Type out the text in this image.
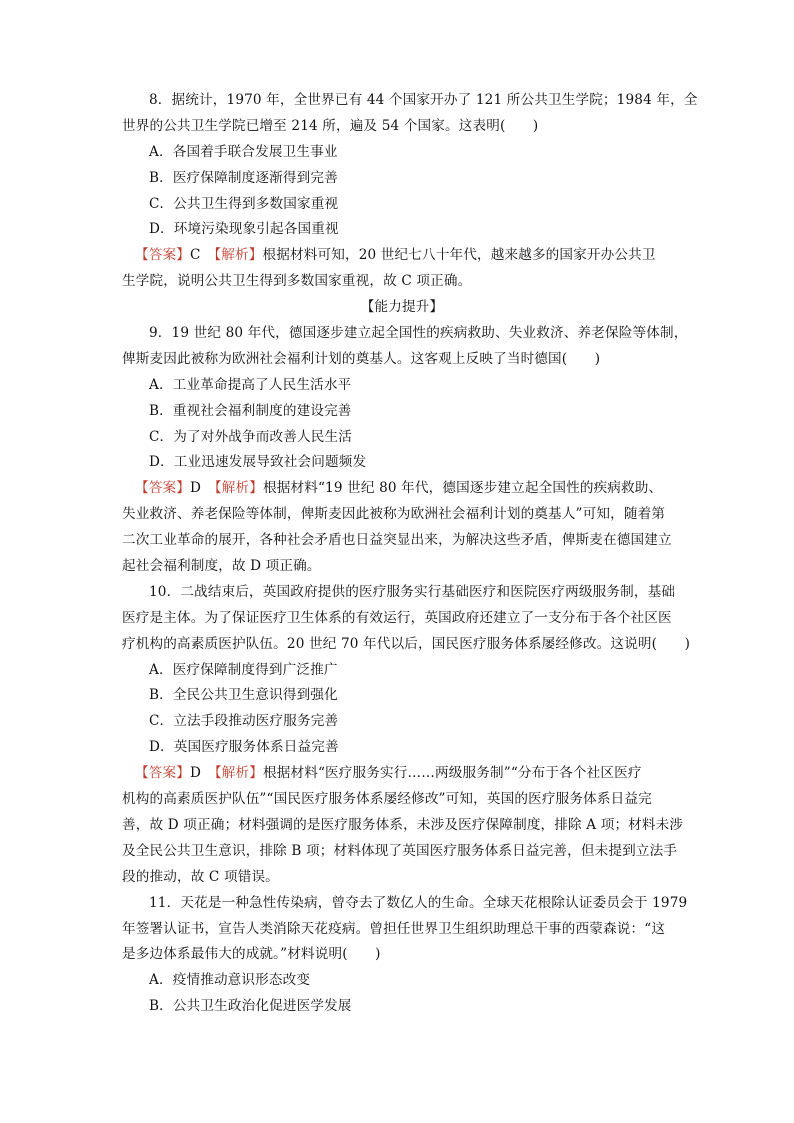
8．据统计，1970 年，全世界已有 44 个国家开办了 121 所公共卫生学院；1984 年，全
世界的公共卫生学院已增至 214 所，遍及 54 个国家。这表明(　　)
A．各国着手联合发展卫生事业
B．医疗保障制度逐渐得到完善
C．公共卫生得到多数国家重视
D．环境污染现象引起各国重视
【答案】C　 【解析】根据材料可知，20 世纪七八十年代，越来越多的国家开办公共卫
生学院，说明公共卫生得到多数国家重视，故 C 项正确。
【能力提升】
9．19 世纪 80 年代，德国逐步建立起全国性的疾病救助、失业救济、养老保险等体制，
俾斯麦因此被称为欧洲社会福利计划的奠基人。这客观上反映了当时德国(　　)
A．工业革命提高了人民生活水平
B．重视社会福利制度的建设完善
C．为了对外战争而改善人民生活
D．工业迅速发展导致社会问题频发
【答案】D　 【解析】根据材料“19 世纪 80 年代，德国逐步建立起全国性的疾病救助、
失业救济、养老保险等体制，俾斯麦因此被称为欧洲社会福利计划的奠基人”可知，随着第
二次工业革命的展开，各种社会矛盾也日益突显出来，为解决这些矛盾，俾斯麦在德国建立
起社会福利制度，故 D 项正确。
10．二战结束后，英国政府提供的医疗服务实行基础医疗和医院医疗两级服务制，基础
医疗是主体。为了保证医疗卫生体系的有效运行，英国政府还建立了一支分布于各个社区医
疗机构的高素质医护队伍。20 世纪 70 年代以后，国民医疗服务体系屡经修改。这说明(　　)
A．医疗保障制度得到广泛推广
B．全民公共卫生意识得到强化
C．立法手段推动医疗服务完善
D．英国医疗服务体系日益完善
【答案】D　 【解析】根据材料“医疗服务实行……两级服务制”“分布于各个社区医疗
机构的高素质医护队伍”“国民医疗服务体系屡经修改”可知，英国的医疗服务体系日益完
善，故 D 项正确；材料强调的是医疗服务体系，未涉及医疗保障制度，排除 A 项；材料未涉
及全民公共卫生意识，排除 B 项；材料体现了英国医疗服务体系日益完善，但未提到立法手
段的推动，故 C 项错误。
11．天花是一种急性传染病，曾夺去了数亿人的生命。全球天花根除认证委员会于 1979
年签署认证书，宣告人类消除天花疫病。曾担任世界卫生组织助理总干事的西蒙森说：“这
是多边体系最伟大的成就。”材料说明(　　)
A．疫情推动意识形态改变
B．公共卫生政治化促进医学发展
